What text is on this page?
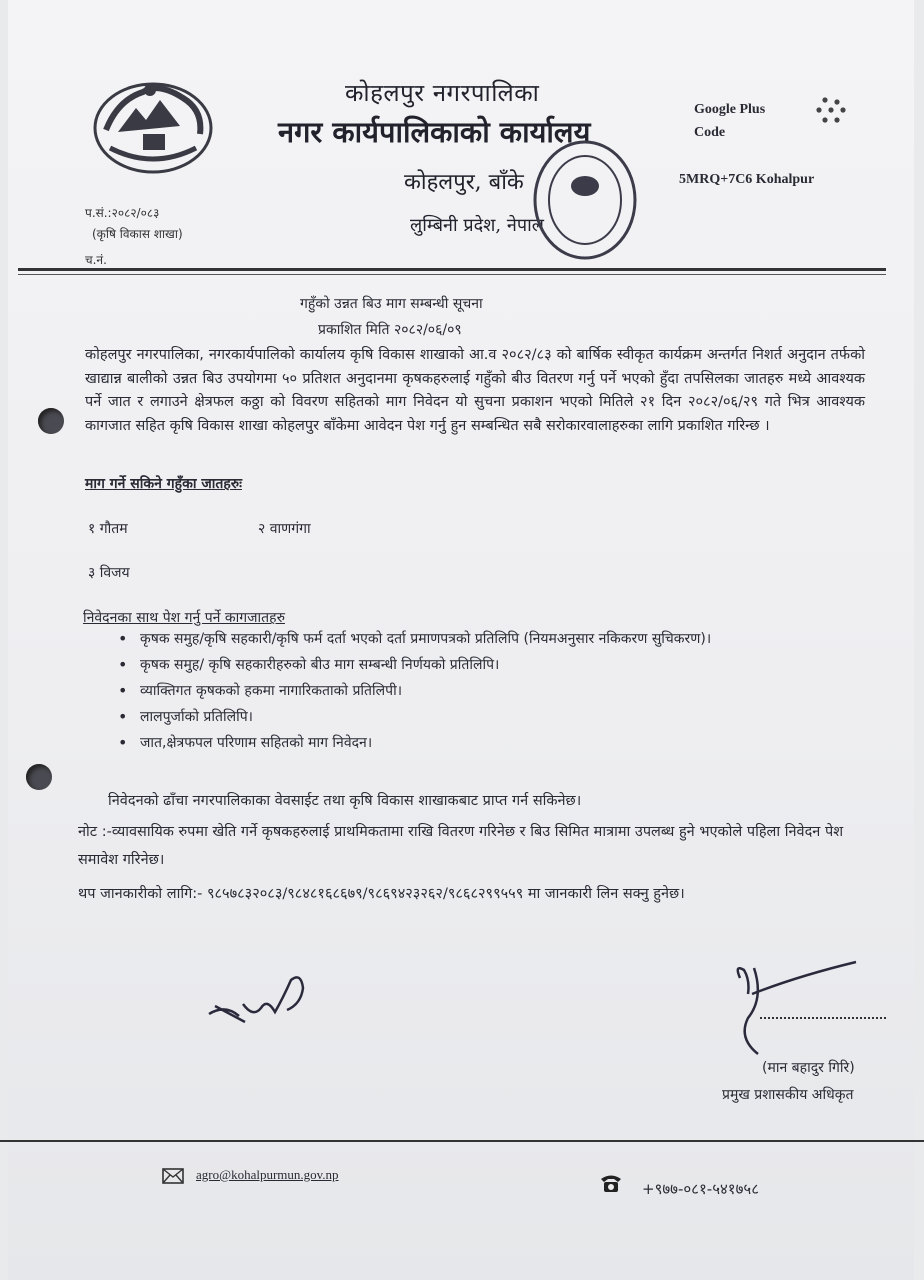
कोहलपुर नगरपालिका
नगर कार्यपालिकाको कार्यालय
कोहलपुर, बाँके
लुम्बिनी प्रदेश, नेपाल
Google Plus Code
5MRQ+7C6 Kohalpur
प.सं.:२०८२/०८३
(कृषि विकास शाखा)
च.नं.
गहुँको उन्नत बिउ माग सम्बन्धी सूचना
प्रकाशित मिति २०८२/०६/०९
कोहलपुर नगरपालिका, नगरकार्यपालिको कार्यालय कृषि विकास शाखाको आ.व २०८२/८३ को बार्षिक स्वीकृत कार्यक्रम अन्तर्गत निशर्त अनुदान तर्फको खाद्यान्न बालीको उन्नत बिउ उपयोगमा ५० प्रतिशत अनुदानमा कृषकहरुलाई गहुँको बीउ वितरण गर्नु पर्ने भएको हुँदा तपसिलका जातहरु मध्ये आवश्यक पर्ने जात र लगाउने क्षेत्रफल कठ्ठा को विवरण सहितको माग निवेदन यो सुचना प्रकाशन भएको मितिले २१ दिन २०८२/०६/२९ गते भित्र आवश्यक कागजात सहित कृषि विकास शाखा कोहलपुर बाँकेमा आवेदन पेश गर्नु हुन सम्बन्धित सबै सरोकारवालाहरुका लागि प्रकाशित गरिन्छ ।
माग गर्ने सकिने गहुँका जातहरुः
१ गौतम	२ वाणगंगा
३ विजय
निवेदनका साथ पेश गर्नु पर्ने कागजातहरु
• कृषक समुह/कृषि सहकारी/कृषि फर्म दर्ता भएको दर्ता प्रमाणपत्रको प्रतिलिपि (नियमअनुसार नकिकरण सुचिकरण)।
• कृषक समुह/ कृषि सहकारीहरुको बीउ माग सम्बन्धी निर्णयको प्रतिलिपि।
• व्याक्तिगत कृषकको हकमा नागारिकताको प्रतिलिपी।
• लालपुर्जाको प्रतिलिपि।
• जात,क्षेत्रफपल परिणाम सहितको माग निवेदन।
निवेदनको ढाँचा नगरपालिकाका वेवसाईट तथा कृषि विकास शाखाकबाट प्राप्त गर्न सकिनेछ।
नोट :-व्यावसायिक रुपमा खेति गर्ने कृषकहरुलाई प्राथमिकतामा राखि वितरण गरिनेछ र बिउ सिमित मात्रामा उपलब्ध हुने भएकोले पहिला निवेदन पेश समावेश गरिनेछ।
थप जानकारीको लागि:- ९८५७८३२०८३/९८४८१६८६७९/९८६९४२३२६२/९८६८२९९५५९ मा जानकारी लिन सक्नु हुनेछ।
(मान बहादुर गिरि)
प्रमुख प्रशासकीय अधिकृत
agro@kohalpurmun.gov.np
+९७७-०८१-५४१७५८
